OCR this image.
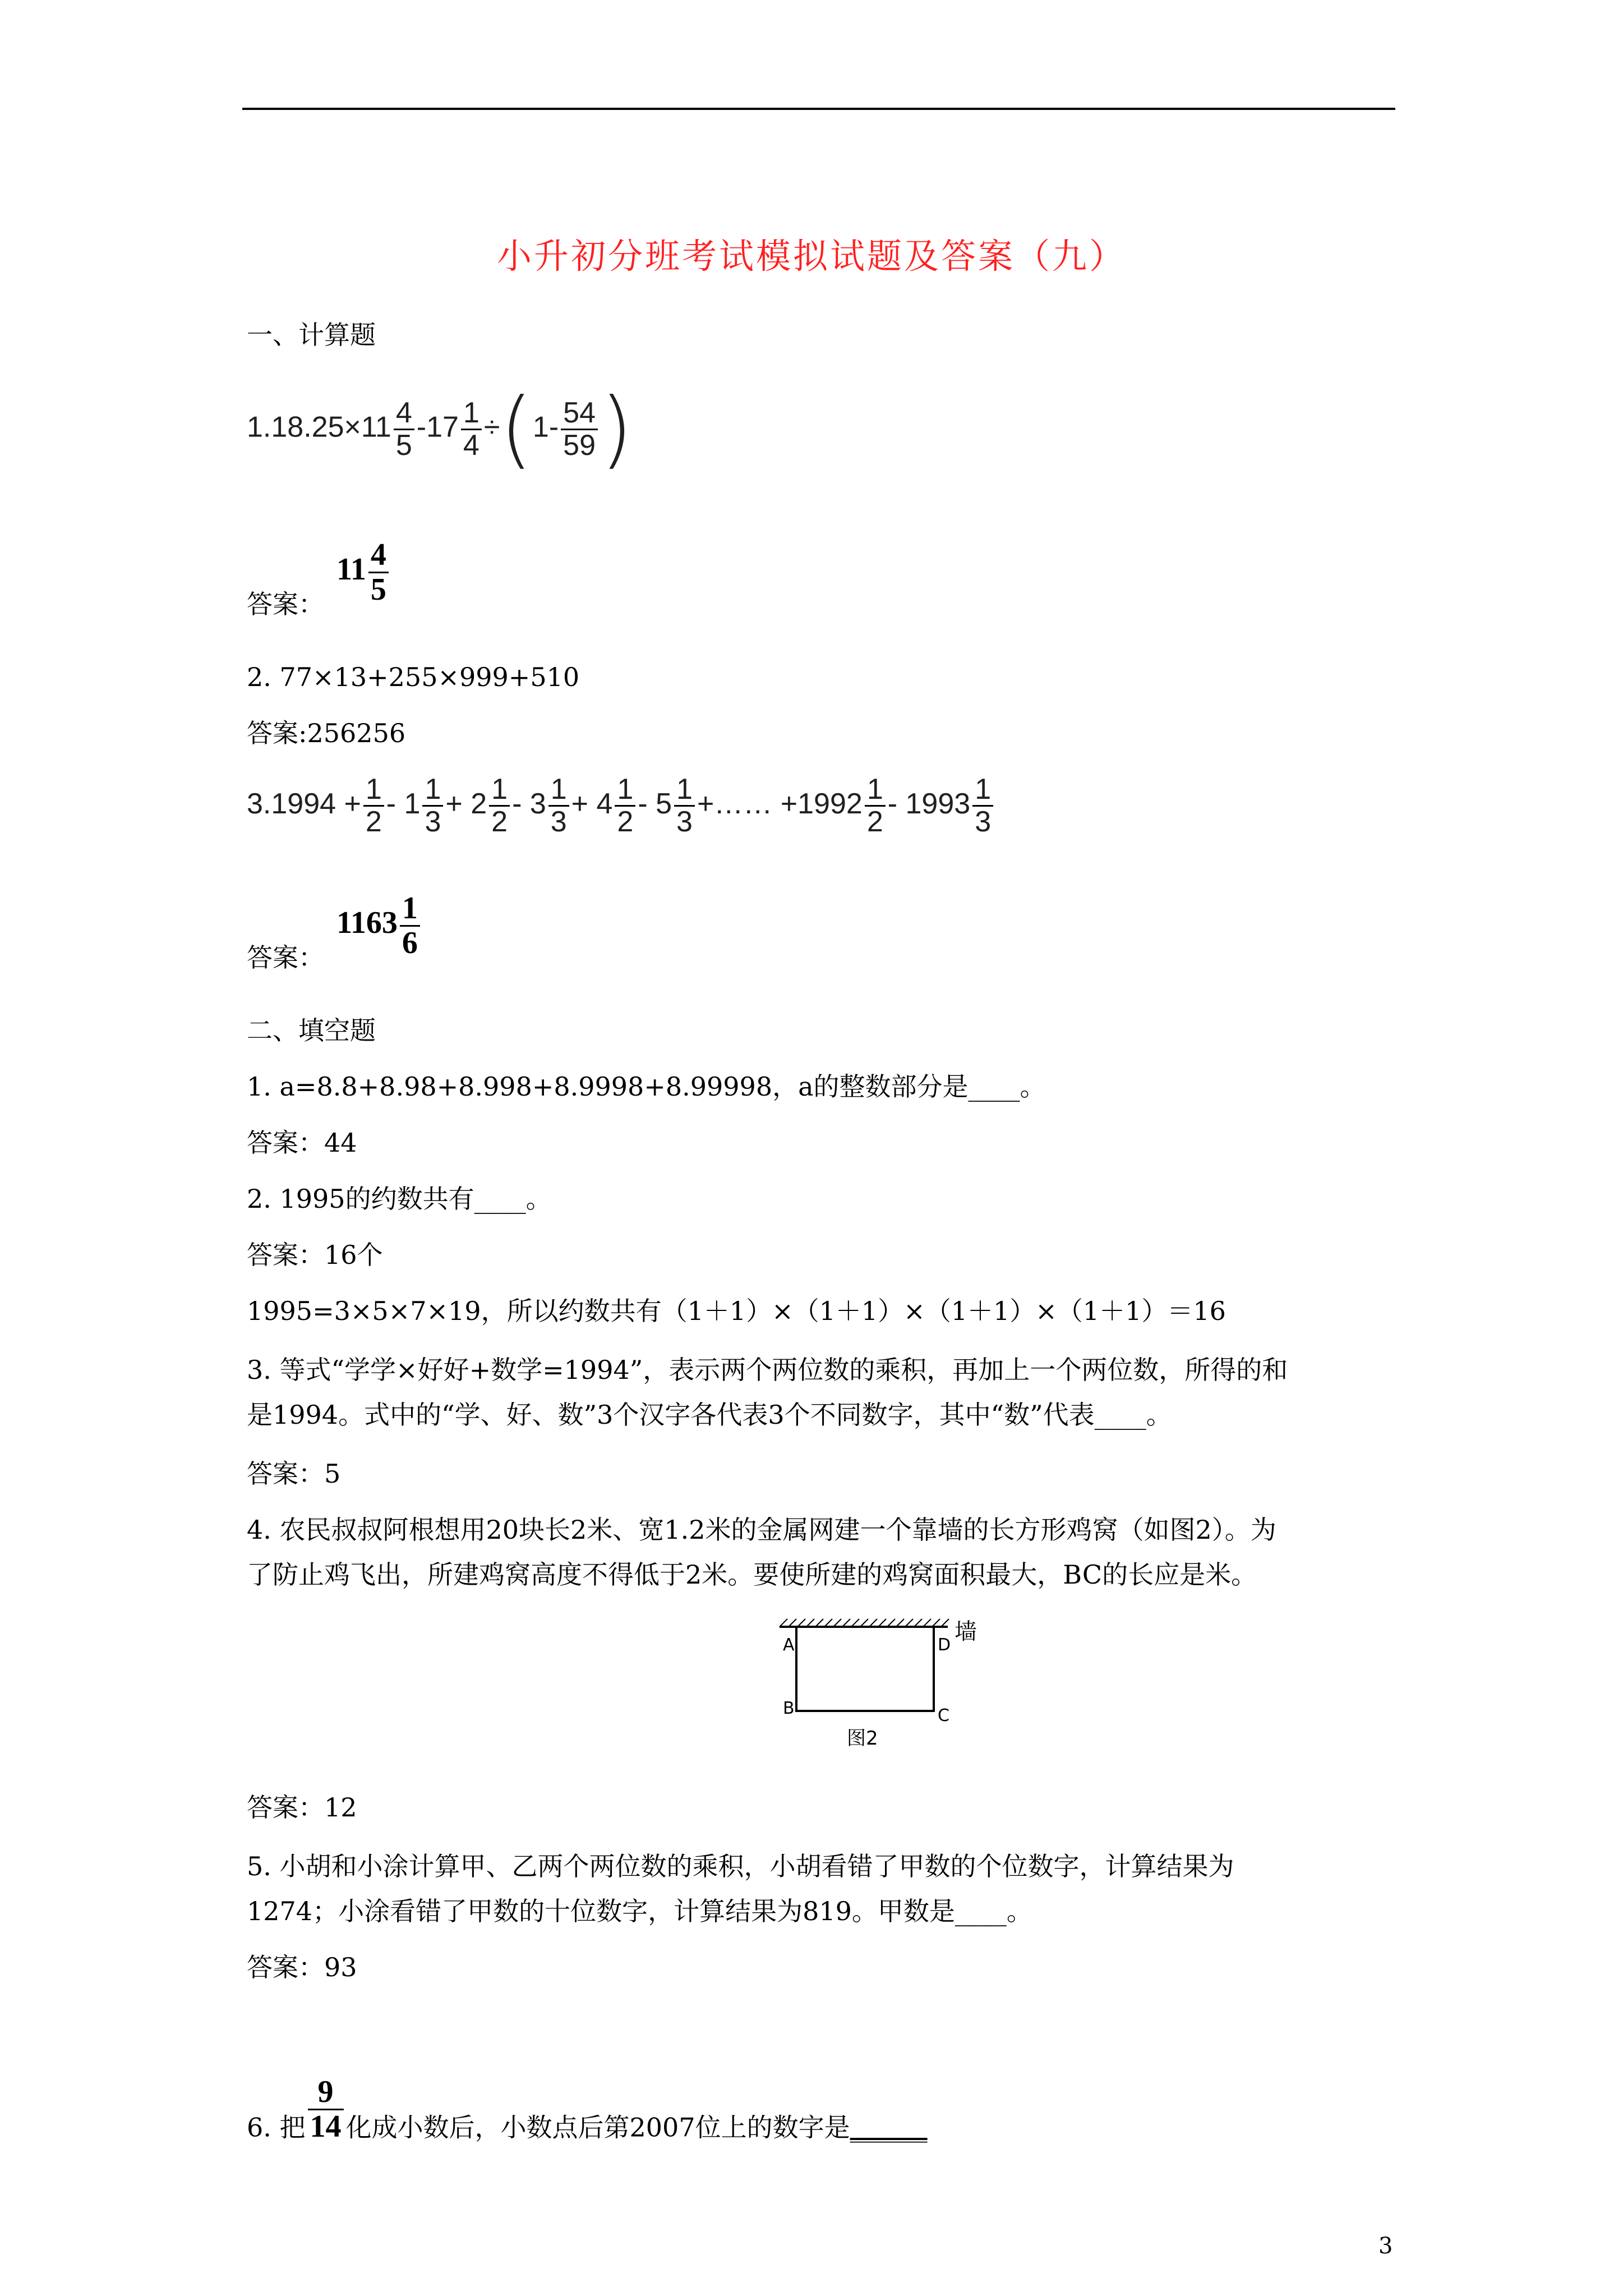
小升初分班考试模拟试题及答案（九）
一、计算题
$1.18.25\times 11 \frac{4}{5} -17 \frac{1}{4} \div(1- \frac{54}{59}$ )
答案：
$11 \frac{4}{5}$
2. 77×13+255×999+510
答案:256256
$3.1994 + \frac{1}{2} - 1 \frac{1}{3} + 2 \frac{1}{2} - 3 \frac{1}{3} + 4 \frac{1}{2} - 5 \frac{1}{3}$ +…… $+1992 \frac{1}{2} - 1993 \frac{1}{3}$
答案：
$1163 \frac{1}{6}$
二、填空题
1. a=8.8+8.98+8.998+8.9998+8.99998，a的整数部分是____。
答案：44
2. 1995的约数共有____。
答案：16个
1995=3×5×7×19，所以约数共有（1＋1）×（1＋1）×（1＋1）×（1＋1）＝16
3. 等式“学学×好好+数学=1994”，表示两个两位数的乘积，再加上一个两位数，所得的和
是1994。式中的“学、好、数”3个汉字各代表3个不同数字，其中“数”代表____。
答案：5
4. 农民叔叔阿根想用20块长2米、宽1.2米的金属网建一个靠墙的长方形鸡窝（如图2）。为
了防止鸡飞出，所建鸡窝高度不得低于2米。要使所建的鸡窝面积最大，BC的长应是米。
A
B	C
D
墙
图2
答案：12
5. 小胡和小涂计算甲、乙两个两位数的乘积，小胡看错了甲数的个位数字，计算结果为
1274；小涂看错了甲数的十位数字，计算结果为819。甲数是____。
答案：93
6. 把 $\frac{9}{14}$ 化成小数后，小数点后第2007位上的数字是______
3
